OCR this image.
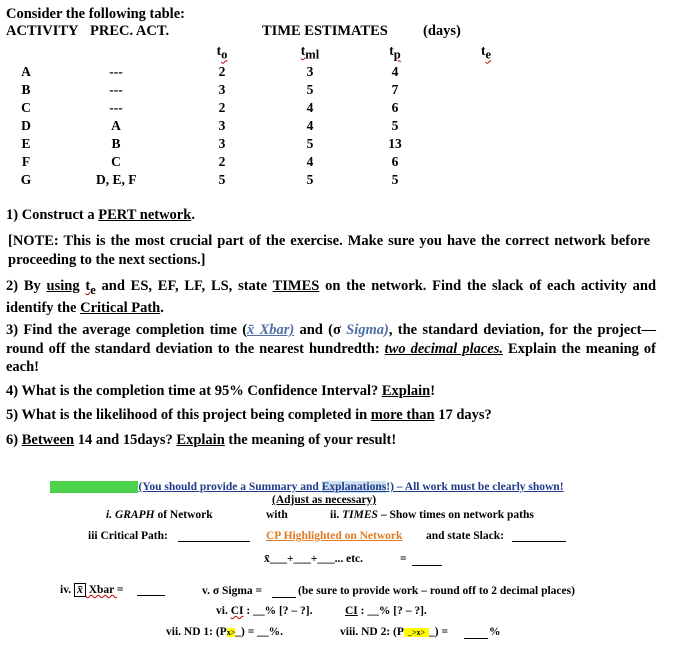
Consider the following table:
ACTIVITY PREC. ACT.	TIME ESTIMATES (days)
$t_o$	$t_{ml}$	$t_p$	$t_e$
A	---	2	3	4
B	---	3	5	7
C	---	2	4	6
D	A	3	4	5
E	B	3	5	13
F	C	2	4	6
G	D, E, F	5	5	5
1) Construct a PERT network.
[NOTE: This is the most crucial part of the exercise. Make sure you have the correct network before proceeding to the next sections.]
2) By using $t_e$ and ES, EF, LF, LS, state TIMES on the network. Find the slack of each activity and identify the Critical Path.
3) Find the average completion time (x̄ Xbar) and (σ Sigma), the standard deviation, for the project— round off the standard deviation to the nearest hundredth: two decimal places. Explain the meaning of each!
4) What is the completion time at 95% Confidence Interval? Explain!
5) What is the likelihood of this project being completed in more than 17 days?
6) Between 14 and 15days? Explain the meaning of your result!
Overall Summary(You should provide a Summary and Explanations!) – All work must be clearly shown!
(Adjust as necessary)
i. GRAPH of Network	with	ii. TIMES – Show times on network paths
iii Critical Path:	CP Highlighted on Network and state Slack:
x̄___+___+___... etc.	=
iv. x̄ Xbar =	v. σ Sigma =	(be sure to provide work – round off to 2 decimal places)
vi. CI : __% [? – ?].	CI : __% [? – ?].
vii. ND 1: (Px>_) = __%.	viii. ND 2: (P _>x> _) =	%
